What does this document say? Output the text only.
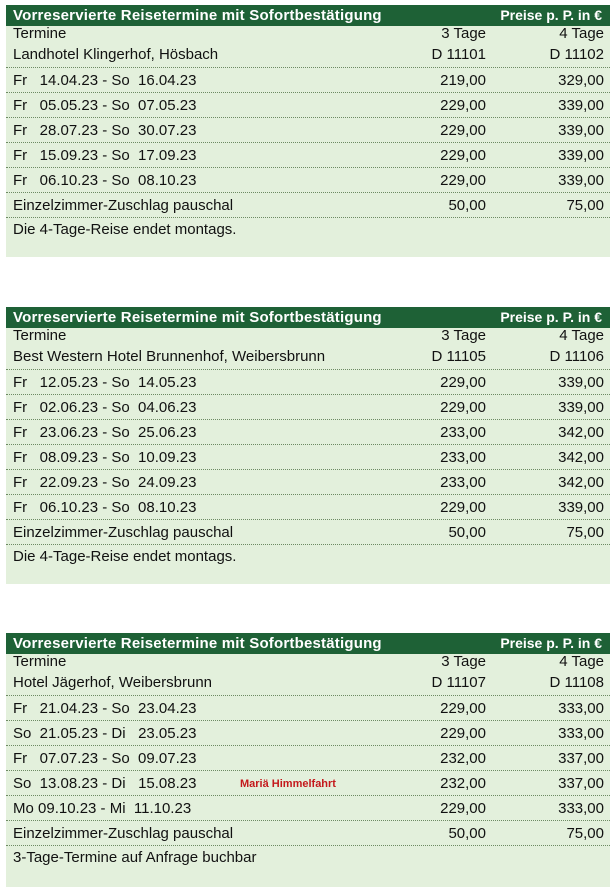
Vorreservierte Reisetermine mit Sofortbestätigung	Preise p. P. in €
Termine	3 Tage	4 Tage
Landhotel Klingerhof, Hösbach	D 11101	D 11102
Fr   14.04.23 - So  16.04.23	219,00	329,00
Fr   05.05.23 - So  07.05.23	229,00	339,00
Fr   28.07.23 - So  30.07.23	229,00	339,00
Fr   15.09.23 - So  17.09.23	229,00	339,00
Fr   06.10.23 - So  08.10.23	229,00	339,00
Einzelzimmer-Zuschlag pauschal	50,00	75,00
Die 4-Tage-Reise endet montags.
Vorreservierte Reisetermine mit Sofortbestätigung	Preise p. P. in €
Termine	3 Tage	4 Tage
Best Western Hotel Brunnenhof, Weibersbrunn	D 11105	D 11106
Fr   12.05.23 - So  14.05.23	229,00	339,00
Fr   02.06.23 - So  04.06.23	229,00	339,00
Fr   23.06.23 - So  25.06.23	233,00	342,00
Fr   08.09.23 - So  10.09.23	233,00	342,00
Fr   22.09.23 - So  24.09.23	233,00	342,00
Fr   06.10.23 - So  08.10.23	229,00	339,00
Einzelzimmer-Zuschlag pauschal	50,00	75,00
Die 4-Tage-Reise endet montags.
Vorreservierte Reisetermine mit Sofortbestätigung	Preise p. P. in €
Termine	3 Tage	4 Tage
Hotel Jägerhof, Weibersbrunn	D 11107	D 11108
Fr   21.04.23 - So  23.04.23	229,00	333,00
So  21.05.23 - Di   23.05.23	229,00	333,00
Fr   07.07.23 - So  09.07.23	232,00	337,00
So  13.08.23 - Di   15.08.23	Mariä Himmelfahrt	232,00	337,00
Mo 09.10.23 - Mi  11.10.23	229,00	333,00
Einzelzimmer-Zuschlag pauschal	50,00	75,00
3-Tage-Termine auf Anfrage buchbar
